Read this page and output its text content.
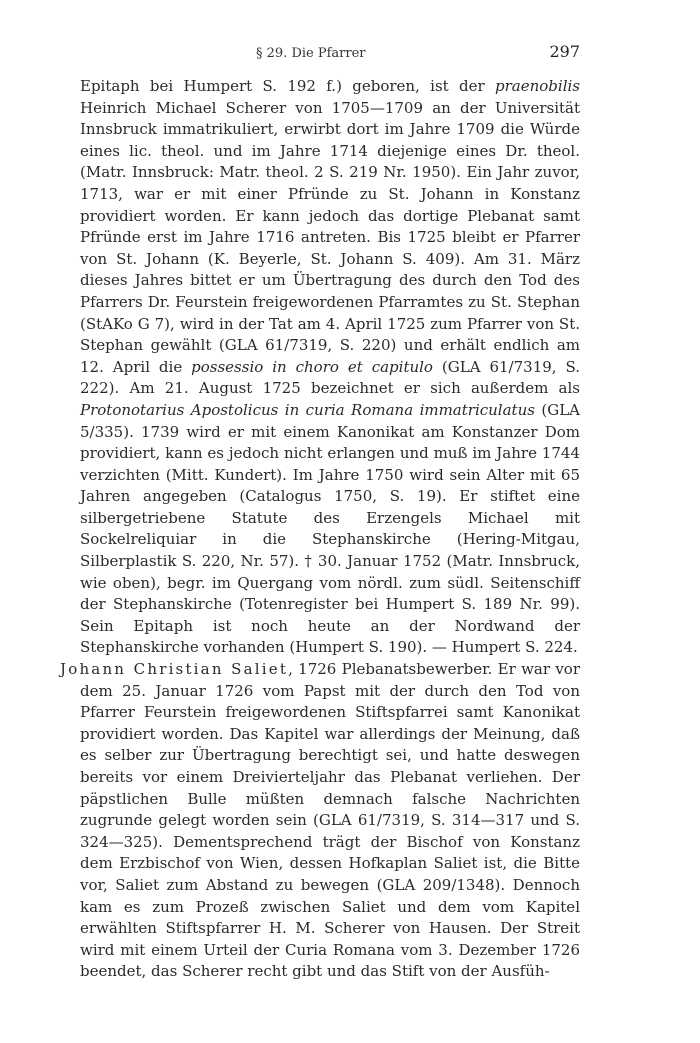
§ 29. Die Pfarrer	297

Epitaph bei Humpert S. 192 f.) geboren, ist der praenobilis Heinrich Michael Scherer von 1705—1709 an der Universität Innsbruck immatrikuliert, erwirbt dort im Jahre 1709 die Würde eines lic. theol. und im Jahre 1714 diejenige eines Dr. theol. (Matr. Innsbruck: Matr. theol. 2 S. 219 Nr. 1950). Ein Jahr zuvor, 1713, war er mit einer Pfründe zu St. Johann in Konstanz providiert worden. Er kann jedoch das dortige Plebanat samt Pfründe erst im Jahre 1716 antreten. Bis 1725 bleibt er Pfarrer von St. Johann (K. Beyerle, St. Johann S. 409). Am 31. März dieses Jahres bittet er um Übertragung des durch den Tod des Pfarrers Dr. Feurstein freigewordenen Pfarramtes zu St. Stephan (StAKo G 7), wird in der Tat am 4. April 1725 zum Pfarrer von St. Stephan gewählt (GLA 61/7319, S. 220) und erhält endlich am 12. April die possessio in choro et capitulo (GLA 61/7319, S. 222). Am 21. August 1725 bezeichnet er sich außerdem als Protonotarius Apostolicus in curia Romana immatriculatus (GLA 5/335). 1739 wird er mit einem Kanonikat am Konstanzer Dom providiert, kann es jedoch nicht erlangen und muß im Jahre 1744 verzichten (Mitt. Kundert). Im Jahre 1750 wird sein Alter mit 65 Jahren angegeben (Catalogus 1750, S. 19). Er stiftet eine silbergetriebene Statute des Erzengels Michael mit Sockelreliquiar in die Stephanskirche (Hering-Mitgau, Silberplastik S. 220, Nr. 57). † 30. Januar 1752 (Matr. Innsbruck, wie oben), begr. im Quergang vom nördl. zum südl. Seitenschiff der Stephanskirche (Totenregister bei Humpert S. 189 Nr. 99). Sein Epitaph ist noch heute an der Nordwand der Stephanskirche vorhanden (Humpert S. 190). — Humpert S. 224.

Johann Christian Saliet, 1726 Plebanatsbewerber. Er war vor dem 25. Januar 1726 vom Papst mit der durch den Tod von Pfarrer Feurstein freigewordenen Stiftspfarrei samt Kanonikat providiert worden. Das Kapitel war allerdings der Meinung, daß es selber zur Übertragung berechtigt sei, und hatte deswegen bereits vor einem Dreivierteljahr das Plebanat verliehen. Der päpstlichen Bulle müßten demnach falsche Nachrichten zugrunde gelegt worden sein (GLA 61/7319, S. 314—317 und S. 324—325). Dementsprechend trägt der Bischof von Konstanz dem Erzbischof von Wien, dessen Hofkaplan Saliet ist, die Bitte vor, Saliet zum Abstand zu bewegen (GLA 209/1348). Dennoch kam es zum Prozeß zwischen Saliet und dem vom Kapitel erwählten Stiftspfarrer H. M. Scherer von Hausen. Der Streit wird mit einem Urteil der Curia Romana vom 3. Dezember 1726 beendet, das Scherer recht gibt und das Stift von der Ausfüh-
